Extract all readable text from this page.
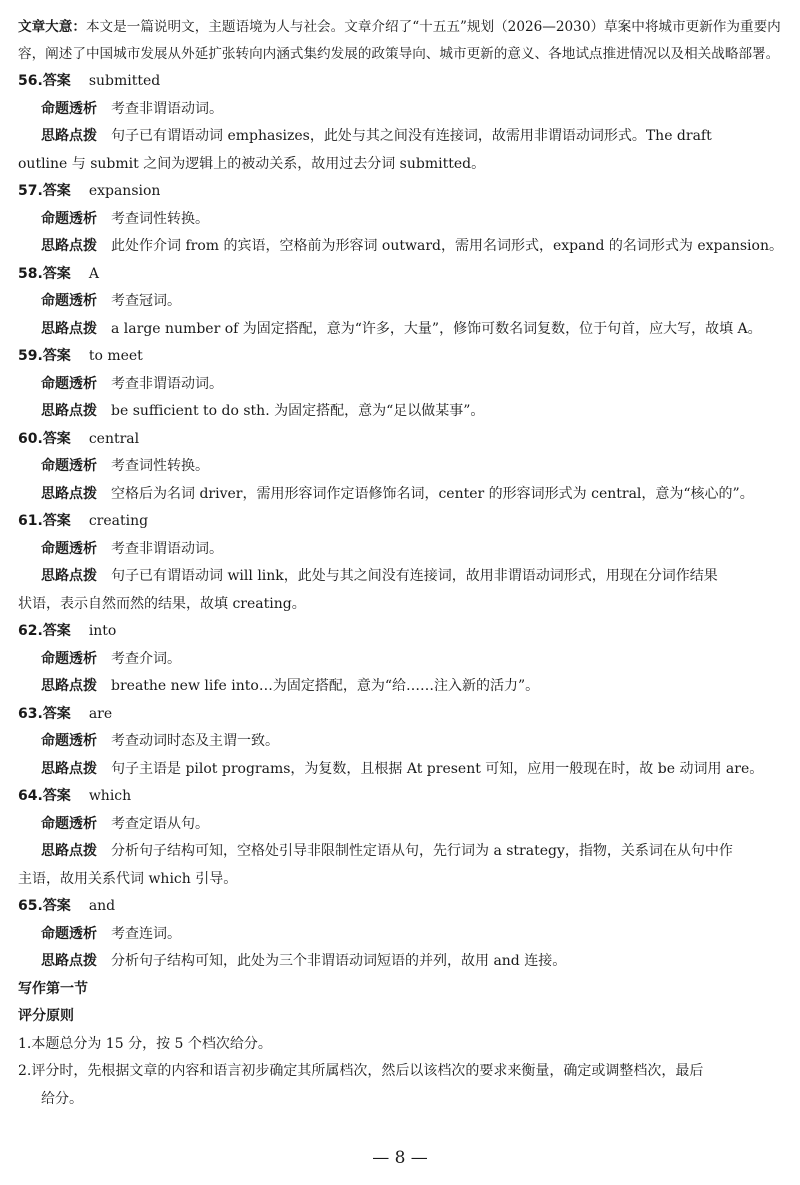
文章大意：本文是一篇说明文，主题语境为人与社会。文章介绍了“十五五”规划（2026—2030）草案中将城市更新作为重要内容，阐述了中国城市发展从外延扩张转向内涵式集约发展的政策导向、城市更新的意义、各地试点推进情况以及相关战略部署。

56.答案 submitted
命题透析 考查非谓语动词。
思路点拨 句子已有谓语动词 emphasizes，此处与其之间没有连接词，故需用非谓语动词形式。The draft
outline 与 submit 之间为逻辑上的被动关系，故用过去分词 submitted。
57.答案 expansion
命题透析 考查词性转换。
思路点拨 此处作介词 from 的宾语，空格前为形容词 outward，需用名词形式，expand 的名词形式为 expansion。
58.答案 A
命题透析 考查冠词。
思路点拨 a large number of 为固定搭配，意为“许多，大量”，修饰可数名词复数，位于句首，应大写，故填 A。
59.答案 to meet
命题透析 考查非谓语动词。
思路点拨 be sufficient to do sth. 为固定搭配，意为“足以做某事”。
60.答案 central
命题透析 考查词性转换。
思路点拨 空格后为名词 driver，需用形容词作定语修饰名词，center 的形容词形式为 central，意为“核心的”。
61.答案 creating
命题透析 考查非谓语动词。
思路点拨 句子已有谓语动词 will link，此处与其之间没有连接词，故用非谓语动词形式，用现在分词作结果
状语，表示自然而然的结果，故填 creating。
62.答案 into
命题透析 考查介词。
思路点拨 breathe new life into…为固定搭配，意为“给……注入新的活力”。
63.答案 are
命题透析 考查动词时态及主谓一致。
思路点拨 句子主语是 pilot programs，为复数，且根据 At present 可知，应用一般现在时，故 be 动词用 are。
64.答案 which
命题透析 考查定语从句。
思路点拨 分析句子结构可知，空格处引导非限制性定语从句，先行词为 a strategy，指物，关系词在从句中作
主语，故用关系代词 which 引导。
65.答案 and
命题透析 考查连词。
思路点拨 分析句子结构可知，此处为三个非谓语动词短语的并列，故用 and 连接。
写作第一节
评分原则
1.本题总分为 15 分，按 5 个档次给分。
2.评分时，先根据文章的内容和语言初步确定其所属档次，然后以该档次的要求来衡量，确定或调整档次，最后
给分。
— 8 —
